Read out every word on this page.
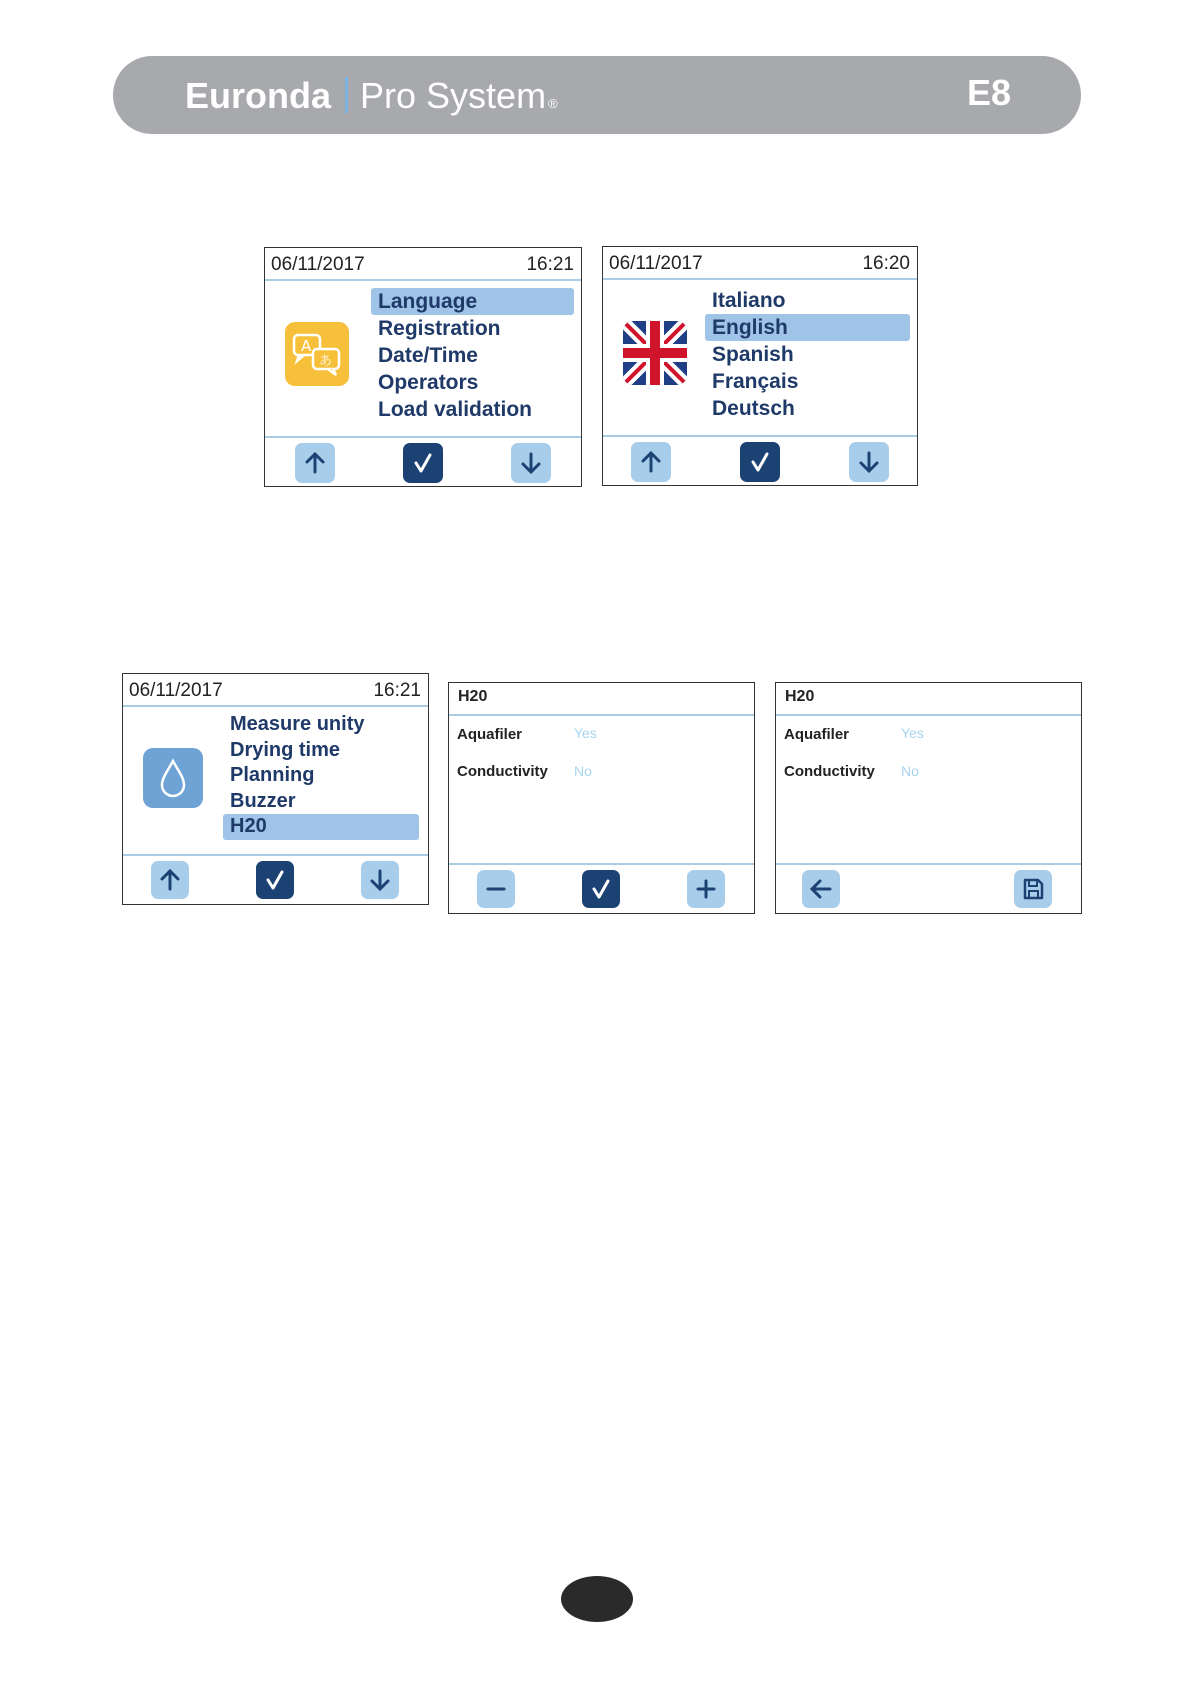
Euronda Pro System ®	E8
06/11/2017	16:21
A
あ
Language
Registration
Date/Time
Operators
Load validation
06/11/2017	16:20
Italiano
English
Spanish
Français
Deutsch
06/11/2017	16:21
Measure unity
Drying time
Planning
Buzzer
H20
H20
Aquafiler	Yes
Conductivity No
H20
Aquafiler	Yes
Conductivity No
